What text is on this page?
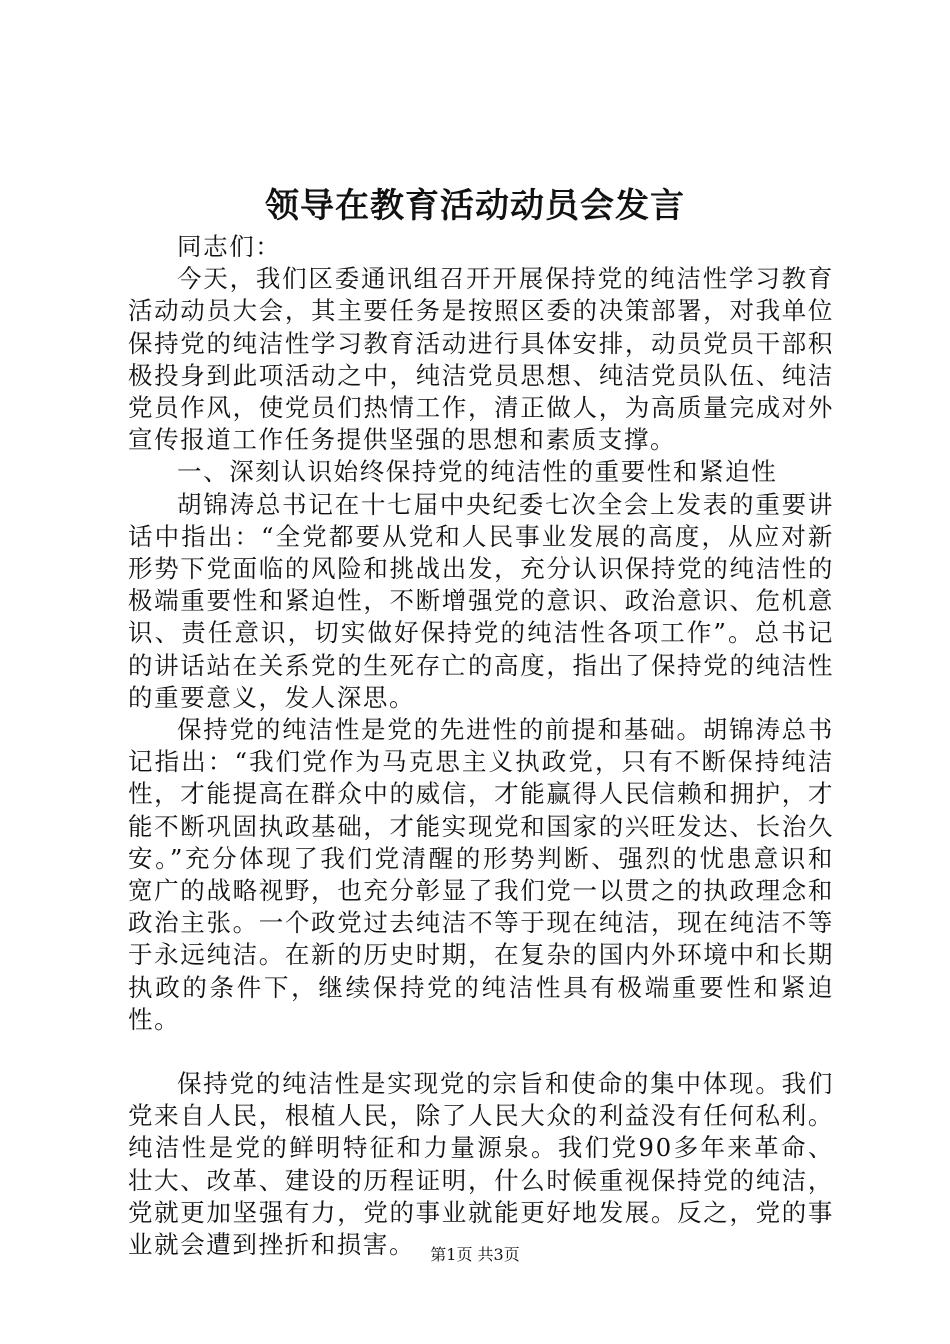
领导在教育活动动员会发言

同志们：

今天，我们区委通讯组召开开展保持党的纯洁性学习教育活动动员大会，其主要任务是按照区委的决策部署，对我单位保持党的纯洁性学习教育活动进行具体安排，动员党员干部积极投身到此项活动之中，纯洁党员思想、纯洁党员队伍、纯洁党员作风，使党员们热情工作，清正做人，为高质量完成对外宣传报道工作任务提供坚强的思想和素质支撑。

一、深刻认识始终保持党的纯洁性的重要性和紧迫性

胡锦涛总书记在十七届中央纪委七次全会上发表的重要讲话中指出：“全党都要从党和人民事业发展的高度，从应对新形势下党面临的风险和挑战出发，充分认识保持党的纯洁性的极端重要性和紧迫性，不断增强党的意识、政治意识、危机意识、责任意识，切实做好保持党的纯洁性各项工作”。总书记的讲话站在关系党的生死存亡的高度，指出了保持党的纯洁性的重要意义，发人深思。

保持党的纯洁性是党的先进性的前提和基础。胡锦涛总书记指出：“我们党作为马克思主义执政党，只有不断保持纯洁性，才能提高在群众中的威信，才能赢得人民信赖和拥护，才能不断巩固执政基础，才能实现党和国家的兴旺发达、长治久安。”充分体现了我们党清醒的形势判断、强烈的忧患意识和宽广的战略视野，也充分彰显了我们党一以贯之的执政理念和政治主张。一个政党过去纯洁不等于现在纯洁，现在纯洁不等于永远纯洁。在新的历史时期，在复杂的国内外环境中和长期执政的条件下，继续保持党的纯洁性具有极端重要性和紧迫性。

保持党的纯洁性是实现党的宗旨和使命的集中体现。我们党来自人民，根植人民，除了人民大众的利益没有任何私利。纯洁性是党的鲜明特征和力量源泉。我们党90多年来革命、壮大、改革、建设的历程证明，什么时候重视保持党的纯洁，党就更加坚强有力，党的事业就能更好地发展。反之，党的事业就会遭到挫折和损害。 第1页 共3页
